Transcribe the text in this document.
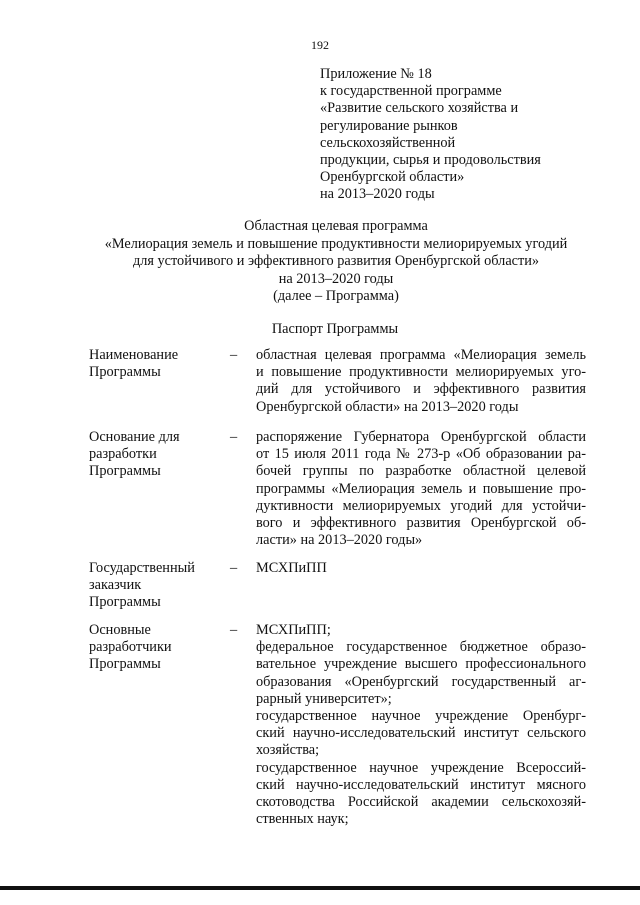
192
Приложение № 18
к государственной программе
«Развитие сельского хозяйства и
регулирование рынков
сельскохозяйственной
продукции, сырья и продовольствия
Оренбургской области»
на 2013–2020 годы
Областная целевая программа
«Мелиорация земель и повышение продуктивности мелиорируемых угодий
для устойчивого и эффективного развития Оренбургской области»
на 2013–2020 годы
(далее – Программа)
Паспорт Программы
Наименование
Программы
– областная целевая программа «Мелиорация земель
и повышение продуктивности мелиорируемых уго-
дий для устойчивого и эффективного развития
Оренбургской области» на 2013–2020 годы
Основание для
разработки
Программы
– распоряжение Губернатора Оренбургской области
от 15 июля 2011 года № 273-р «Об образовании ра-
бочей группы по разработке областной целевой
программы «Мелиорация земель и повышение про-
дуктивности мелиорируемых угодий для устойчи-
вого и эффективного развития Оренбургской об-
ласти» на 2013–2020 годы»
Государственный
заказчик
Программы
– МСХПиПП
Основные
разработчики
Программы
– МСХПиПП;
федеральное государственное бюджетное образо-
вательное учреждение высшего профессионального
образования «Оренбургский государственный аг-
рарный университет»;
государственное научное учреждение Оренбург-
ский научно-исследовательский институт сельского
хозяйства;
государственное научное учреждение Всероссий-
ский научно-исследовательский институт мясного
скотоводства Российской академии сельскохозяй-
ственных наук;
